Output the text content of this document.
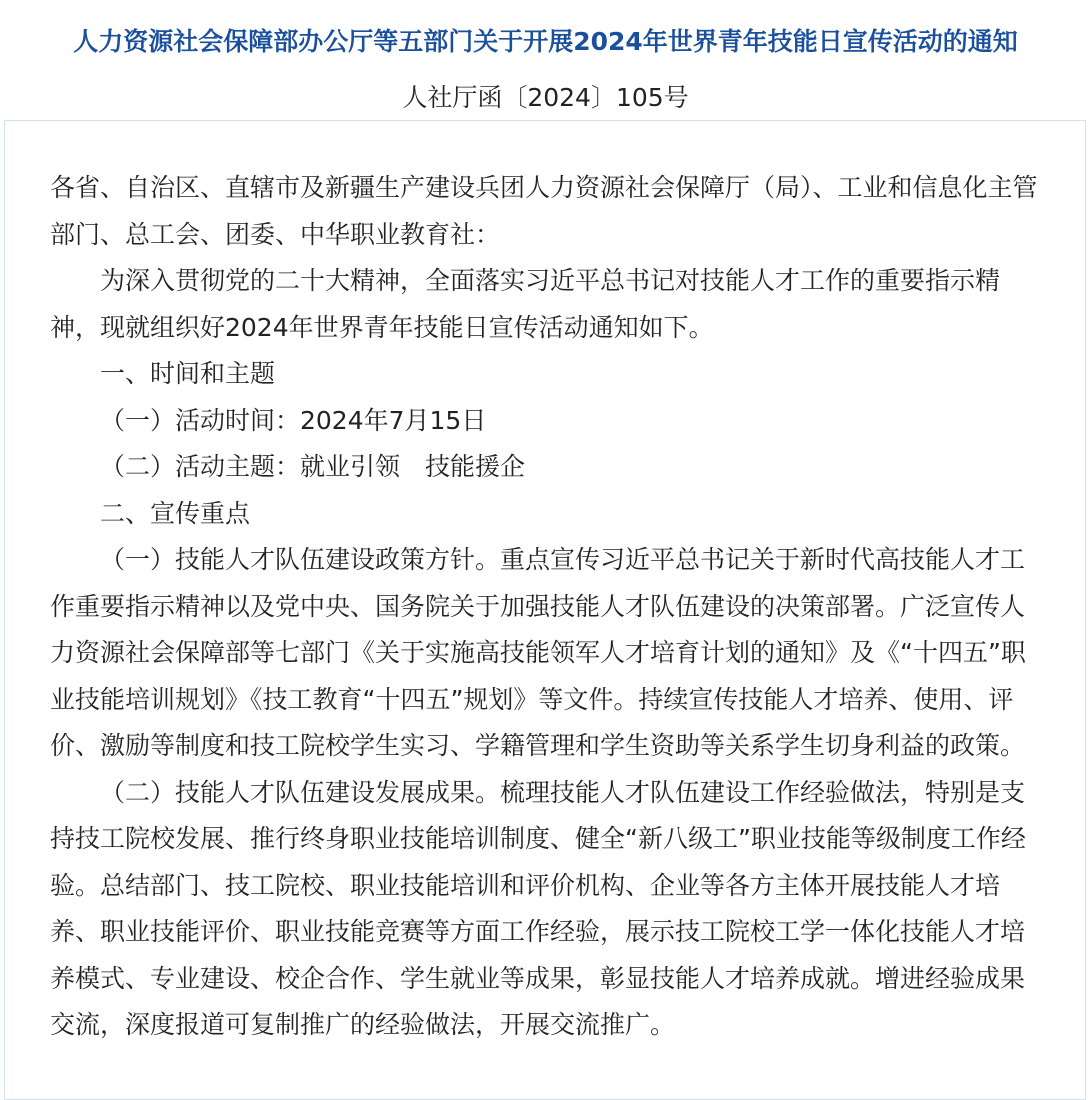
人力资源社会保障部办公厅等五部门关于开展2024年世界青年技能日宣传活动的通知
人社厅函〔2024〕105号

各省、自治区、直辖市及新疆生产建设兵团人力资源社会保障厅（局）、工业和信息化主管部门、总工会、团委、中华职业教育社：

为深入贯彻党的二十大精神，全面落实习近平总书记对技能人才工作的重要指示精神，现就组织好2024年世界青年技能日宣传活动通知如下。

一、时间和主题

（一）活动时间：2024年7月15日

（二）活动主题：就业引领　技能援企

二、宣传重点

（一）技能人才队伍建设政策方针。重点宣传习近平总书记关于新时代高技能人才工作重要指示精神以及党中央、国务院关于加强技能人才队伍建设的决策部署。广泛宣传人力资源社会保障部等七部门《关于实施高技能领军人才培育计划的通知》及《“十四五”职业技能培训规划》《技工教育“十四五”规划》等文件。持续宣传技能人才培养、使用、评价、激励等制度和技工院校学生实习、学籍管理和学生资助等关系学生切身利益的政策。

（二）技能人才队伍建设发展成果。梳理技能人才队伍建设工作经验做法，特别是支持技工院校发展、推行终身职业技能培训制度、健全“新八级工”职业技能等级制度工作经验。总结部门、技工院校、职业技能培训和评价机构、企业等各方主体开展技能人才培养、职业技能评价、职业技能竞赛等方面工作经验，展示技工院校工学一体化技能人才培养模式、专业建设、校企合作、学生就业等成果，彰显技能人才培养成就。增进经验成果交流，深度报道可复制推广的经验做法，开展交流推广。
